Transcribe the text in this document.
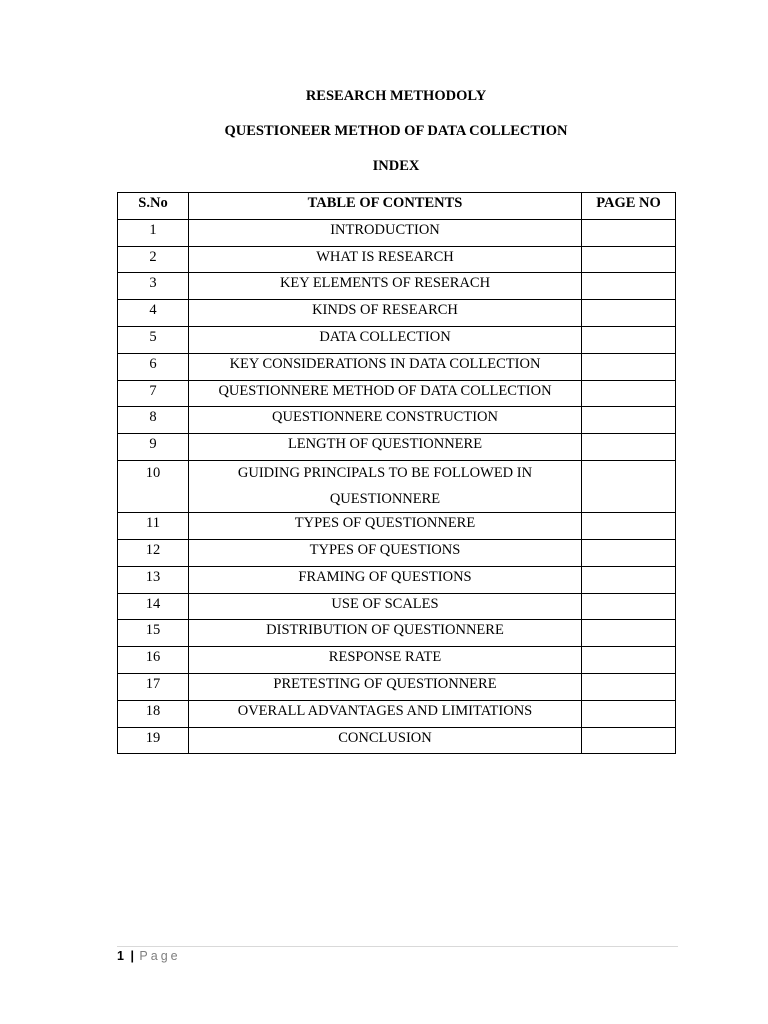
RESEARCH METHODOLY
QUESTIONEER METHOD OF DATA COLLECTION
INDEX
S.No	TABLE OF CONTENTS	PAGE NO
1	INTRODUCTION	
2	WHAT IS RESEARCH	
3	KEY ELEMENTS OF RESERACH	
4	KINDS OF RESEARCH	
5	DATA COLLECTION	
6	KEY CONSIDERATIONS IN DATA COLLECTION	
7	QUESTIONNERE METHOD OF DATA COLLECTION	
8	QUESTIONNERE CONSTRUCTION	
9	LENGTH OF QUESTIONNERE	
10	GUIDING PRINCIPALS TO BE FOLLOWED IN QUESTIONNERE	
11	TYPES OF QUESTIONNERE	
12	TYPES OF QUESTIONS	
13	FRAMING OF QUESTIONS	
14	USE OF SCALES	
15	DISTRIBUTION OF QUESTIONNERE	
16	RESPONSE RATE	
17	PRETESTING OF QUESTIONNERE	
18	OVERALL ADVANTAGES AND LIMITATIONS	
19	CONCLUSION	
1 | Page
